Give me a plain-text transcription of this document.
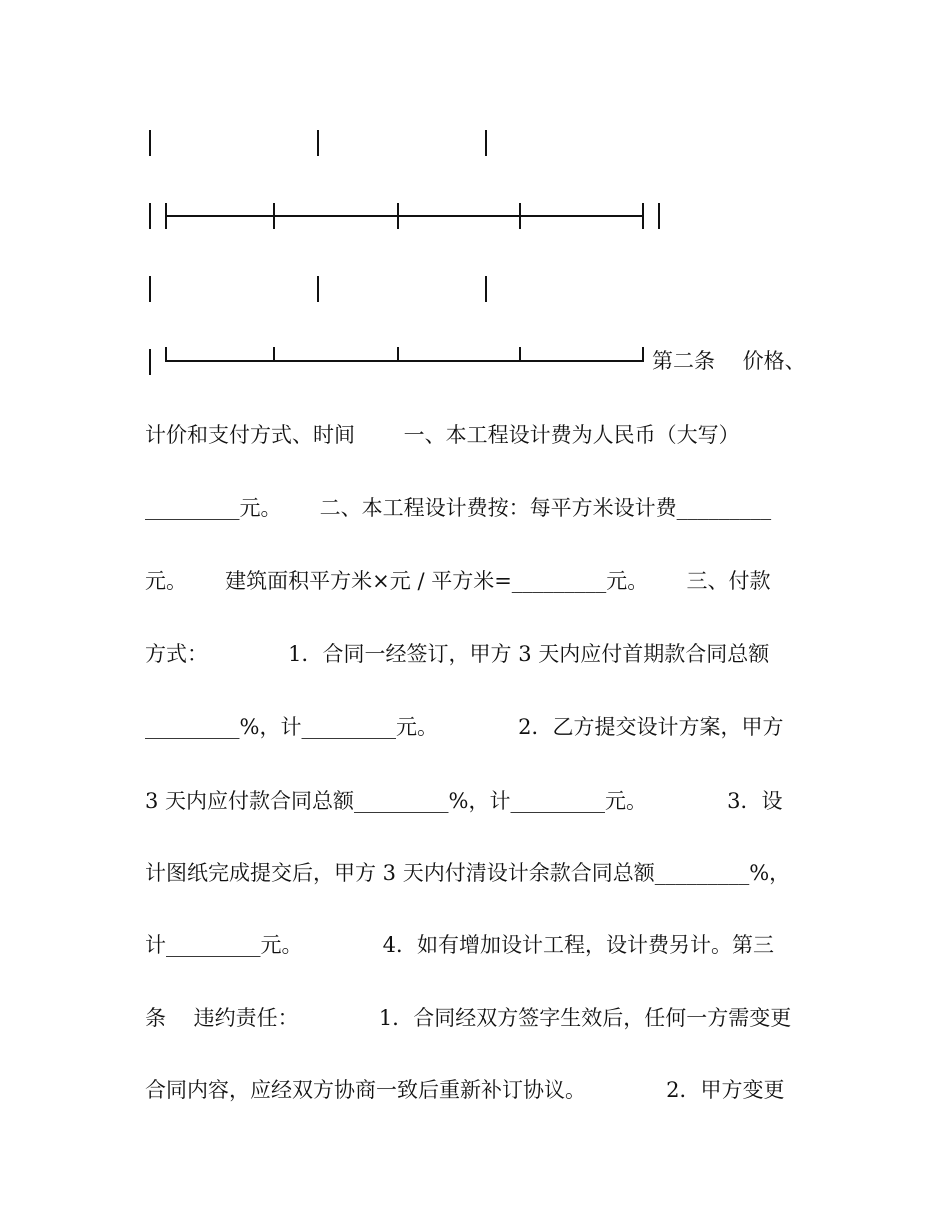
第二条　 价格、
计价和支付方式、时间　　 一、本工程设计费为人民币（大写）
_________元。　　 二、本工程设计费按：每平方米设计费_________
元。　　 建筑面积平方米×元 / 平方米=_________元。　　 三、付款
方式：　　　　 1．合同一经签订，甲方 3 天内应付首期款合同总额
_________%，计_________元。　　　　 2．乙方提交设计方案，甲方
3 天内应付款合同总额_________%，计_________元。　　　　 3．设
计图纸完成提交后，甲方 3 天内付清设计余款合同总额_________%，
计_________元。　　　　 4．如有增加设计工程，设计费另计。第三
条　 违约责任：　　　　 1．合同经双方签字生效后，任何一方需变更
合同内容，应经双方协商一致后重新补订协议。　　　　 2．甲方变更
